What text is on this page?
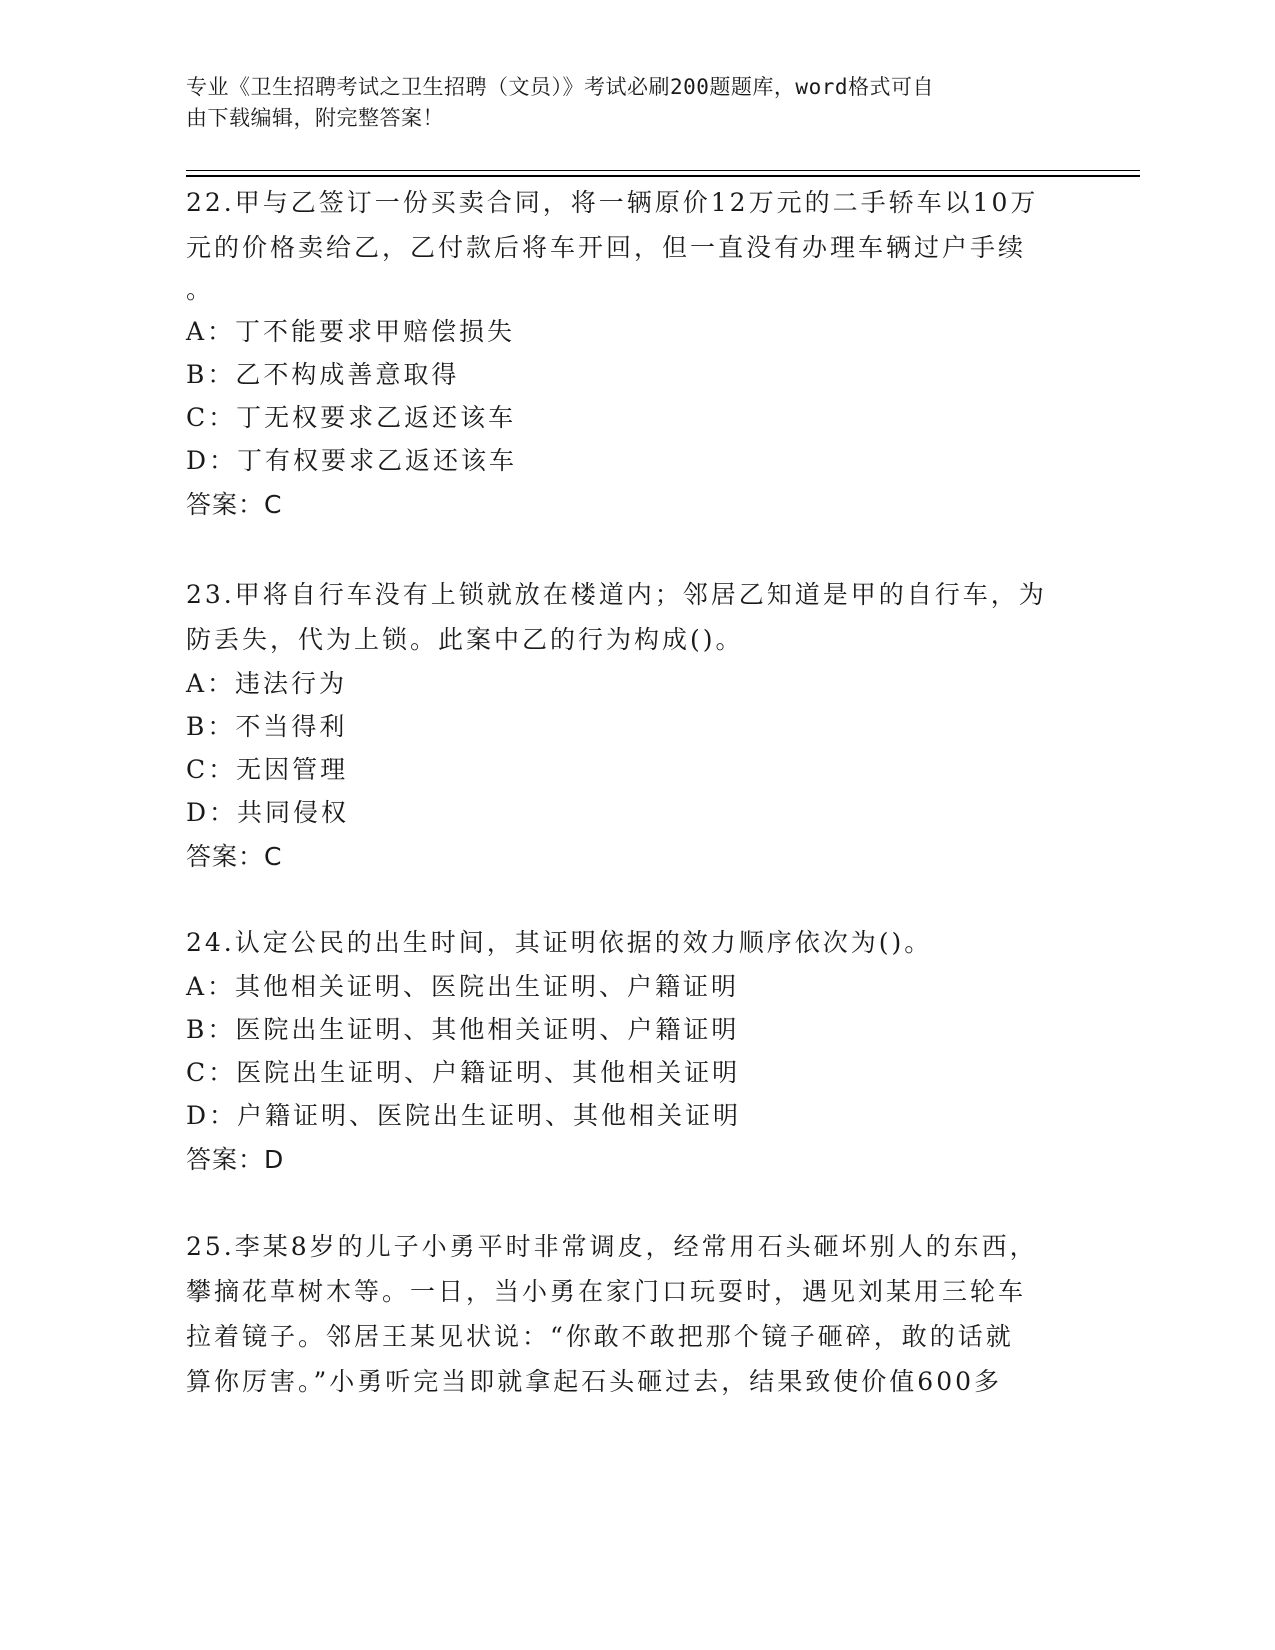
专业《卫生招聘考试之卫生招聘（文员）》考试必刷200题题库，word格式可自
由下载编辑，附完整答案！

22.甲与乙签订一份买卖合同，将一辆原价12万元的二手轿车以10万

元的价格卖给乙，乙付款后将车开回，但一直没有办理车辆过户手续

。

A：丁不能要求甲赔偿损失

B：乙不构成善意取得

C：丁无权要求乙返还该车

D：丁有权要求乙返还该车

答案：C

23.甲将自行车没有上锁就放在楼道内；邻居乙知道是甲的自行车，为

防丢失，代为上锁。此案中乙的行为构成()。

A：违法行为

B：不当得利

C：无因管理

D：共同侵权

答案：C

24.认定公民的出生时间，其证明依据的效力顺序依次为()。

A：其他相关证明、医院出生证明、户籍证明

B：医院出生证明、其他相关证明、户籍证明

C：医院出生证明、户籍证明、其他相关证明

D：户籍证明、医院出生证明、其他相关证明

答案：D

25.李某8岁的儿子小勇平时非常调皮，经常用石头砸坏别人的东西，

攀摘花草树木等。一日，当小勇在家门口玩耍时，遇见刘某用三轮车

拉着镜子。邻居王某见状说：“你敢不敢把那个镜子砸碎，敢的话就

算你厉害。”小勇听完当即就拿起石头砸过去，结果致使价值600多
